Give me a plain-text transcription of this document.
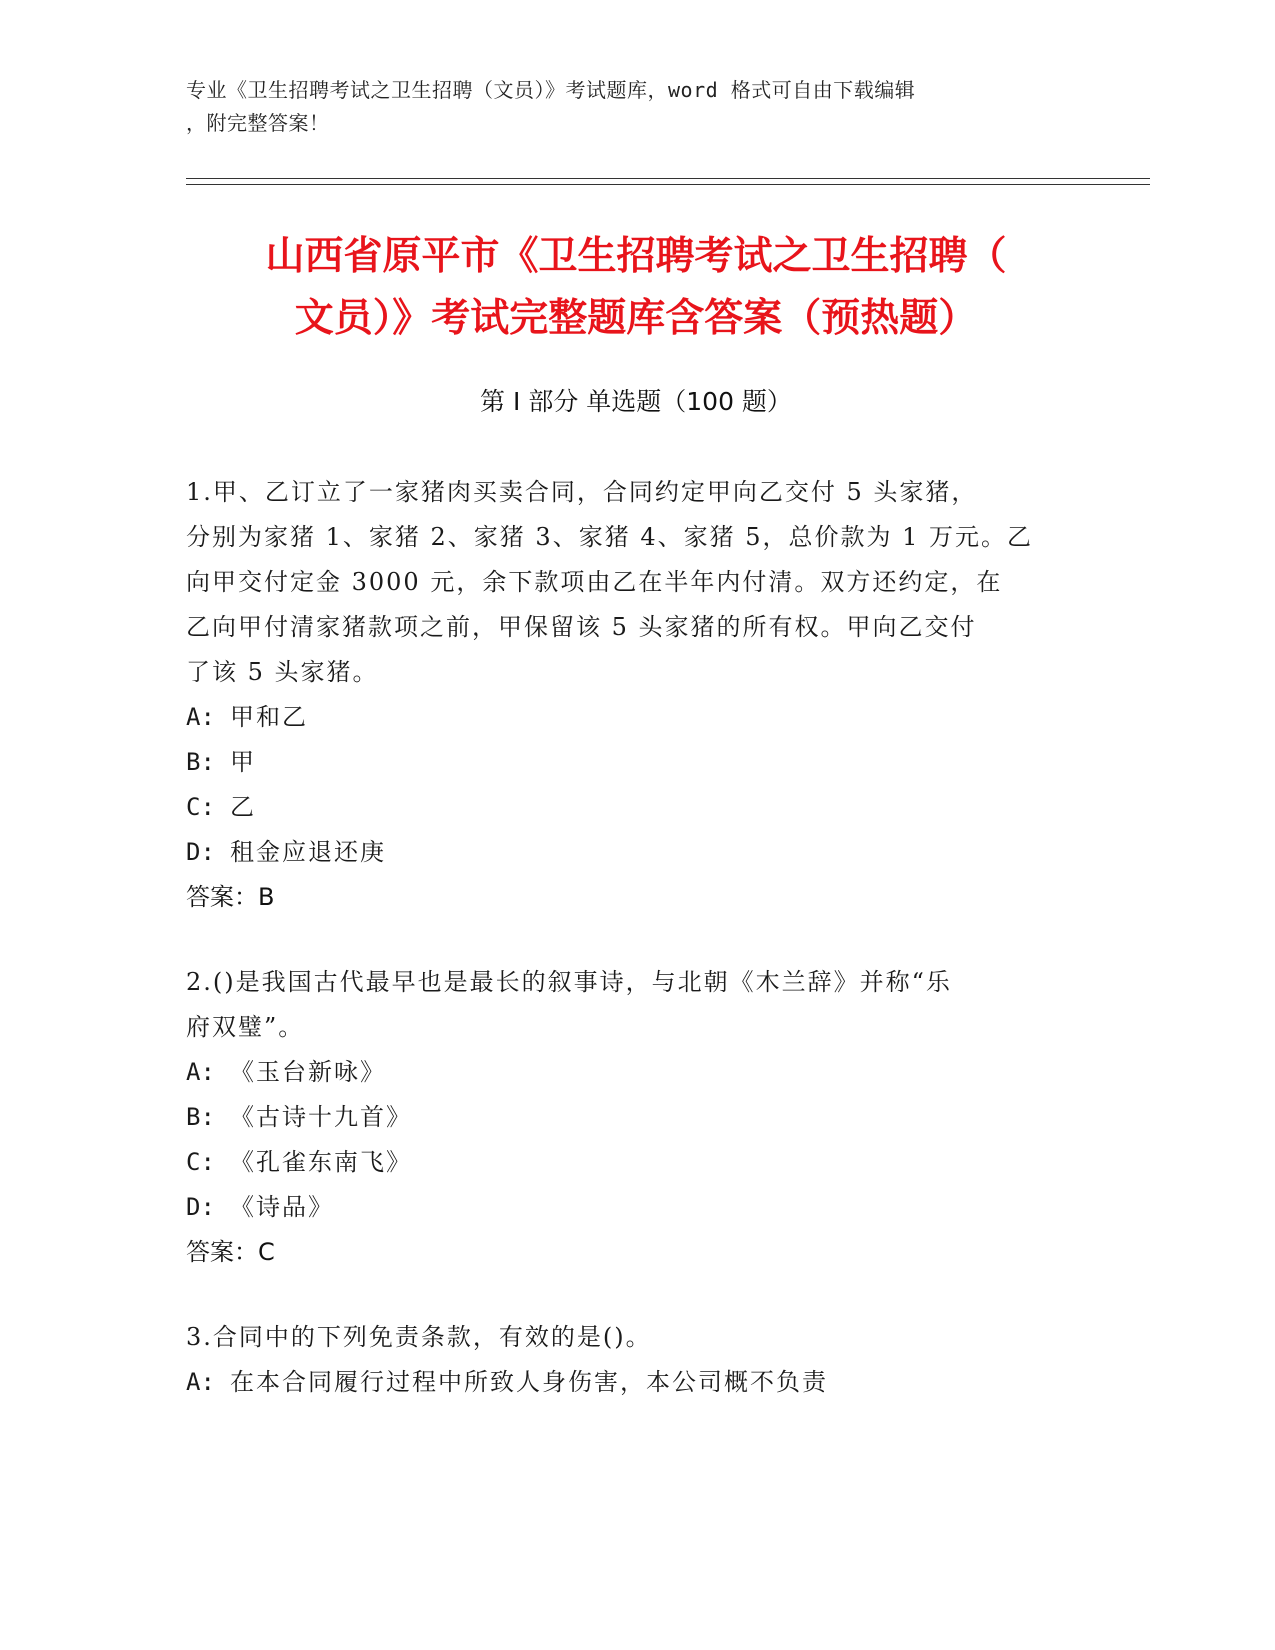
专业《卫生招聘考试之卫生招聘（文员）》考试题库，word 格式可自由下载编辑
，附完整答案！
山西省原平市《卫生招聘考试之卫生招聘（
文员）》考试完整题库含答案（预热题）
第 I 部分 单选题（100 题）
1.甲、乙订立了一家猪肉买卖合同，合同约定甲向乙交付 5 头家猪，
分别为家猪 1、家猪 2、家猪 3、家猪 4、家猪 5，总价款为 1 万元。乙
向甲交付定金 3000 元，余下款项由乙在半年内付清。双方还约定，在
乙向甲付清家猪款项之前，甲保留该 5 头家猪的所有权。甲向乙交付
了该 5 头家猪。
A: 甲和乙
B: 甲
C: 乙
D: 租金应退还庚
答案：B
2.()是我国古代最早也是最长的叙事诗，与北朝《木兰辞》并称“乐
府双璧”。
A: 《玉台新咏》
B: 《古诗十九首》
C: 《孔雀东南飞》
D: 《诗品》
答案：C
3.合同中的下列免责条款，有效的是()。
A: 在本合同履行过程中所致人身伤害，本公司概不负责
